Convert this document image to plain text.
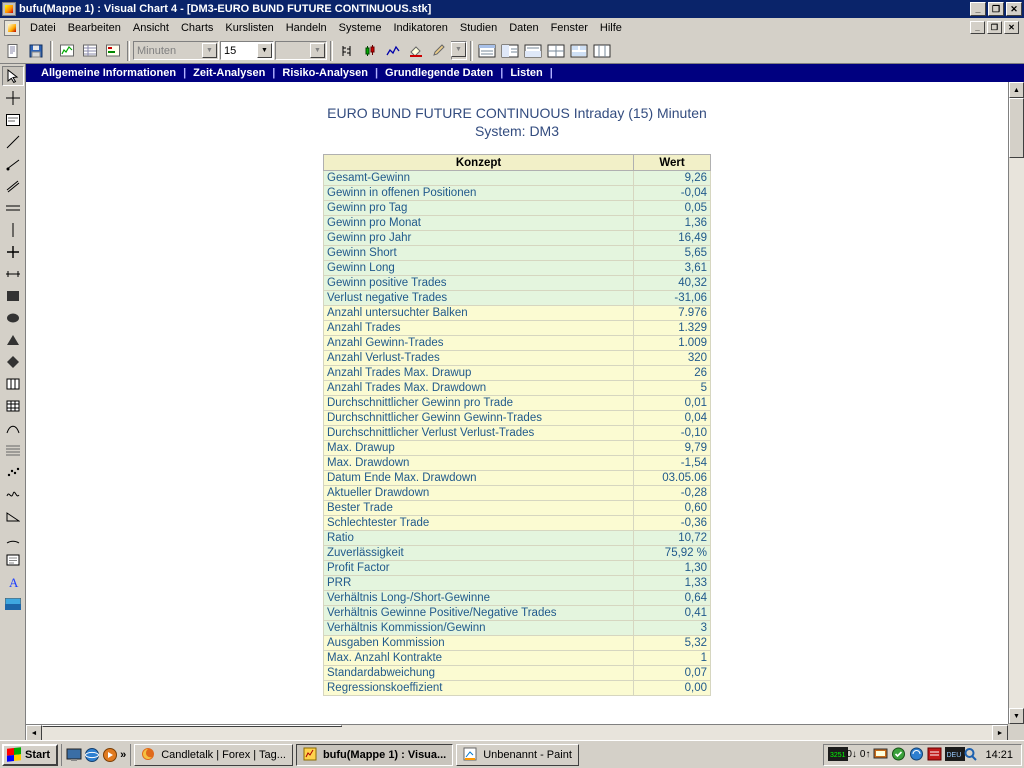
bufu(Mappe 1) : Visual Chart 4 - [DM3-EURO BUND FUTURE CONTINUOUS.stk]	_	❐	✕
Datei	Bearbeiten	Ansicht	Charts	Kurslisten	Handeln	Systeme	Indikatoren	Studien	Daten	Fenster	Hilfe	_	❐	✕
Minuten	▼	15	▼	▼	▼
A
Allgemeine Informationen | Zeit-Analysen | Risiko-Analysen | Grundlegende Daten | Listen |
EURO BUND FUTURE CONTINUOUS Intraday (15) Minuten
System: DM3
Konzept	Wert
Gesamt-Gewinn	9,26
Gewinn in offenen Positionen	-0,04
Gewinn pro Tag	0,05
Gewinn pro Monat	1,36
Gewinn pro Jahr	16,49
Gewinn Short	5,65
Gewinn Long	3,61
Gewinn positive Trades	40,32
Verlust negative Trades	-31,06
Anzahl untersuchter Balken	7.976
Anzahl Trades	1.329
Anzahl Gewinn-Trades	1.009
Anzahl Verlust-Trades	320
Anzahl Trades Max. Drawup	26
Anzahl Trades Max. Drawdown	5
Durchschnittlicher Gewinn pro Trade	0,01
Durchschnittlicher Gewinn Gewinn-Trades	0,04
Durchschnittlicher Verlust Verlust-Trades	-0,10
Max. Drawup	9,79
Max. Drawdown	-1,54
Datum Ende Max. Drawdown	03.05.06
Aktueller Drawdown	-0,28
Bester Trade	0,60
Schlechtester Trade	-0,36
Ratio	10,72
Zuverlässigkeit	75,92 %
Profit Factor	1,30
PRR	1,33
Verhältnis Long-/Short-Gewinne	0,64
Verhältnis Gewinne Positive/Negative Trades	0,41
Verhältnis Kommission/Gewinn	3
Ausgaben Kommission	5,32
Max. Anzahl Kontrakte	1
Standardabweichung	0,07
Regressionskoeffizient	0,00
▲
▼
◄	►
Start	»	Candletalk | Forex | Tag...	bufu(Mappe 1) : Visua...	Unbenannt - Paint	3251 0↓ 0↑	DEU	14:21
